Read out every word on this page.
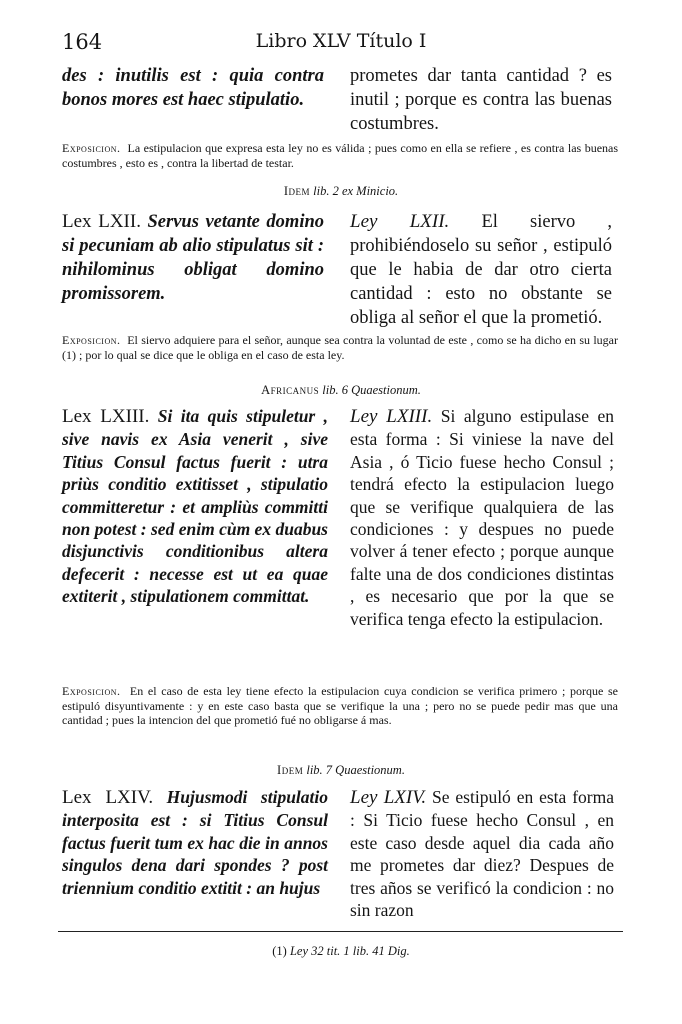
164	Libro XLV Título I

des : inutilis est : quia contra bonos mores est haec stipulatio.

prometes dar tanta cantidad ? es inutil ; porque es contra las buenas costumbres.

Exposicion. La estipulacion que expresa esta ley no es válida ; pues como en ella se refiere , es contra las buenas costumbres , esto es , contra la libertad de testar.

Idem lib. 2 ex Minicio.

Lex LXII. Servus vetante domino si pecuniam ab alio stipulatus sit : nihilominus obligat domino promissorem.

Ley LXII. El siervo , prohibiéndoselo su señor , estipuló que le habia de dar otro cierta cantidad : esto no obstante se obliga al señor el que la prometió.

Exposicion. El siervo adquiere para el señor, aunque sea contra la voluntad de este , como se ha dicho en su lugar (1) ; por lo qual se dice que le obliga en el caso de esta ley.

Africanus lib. 6 Quaestionum.

Lex LXIII. Si ita quis stipuletur , sive navis ex Asia venerit , sive Titius Consul factus fuerit : utra priùs conditio extitisset , stipulatio committeretur : et ampliùs committi non potest : sed enim cùm ex duabus disjunctivis conditionibus altera defecerit : necesse est ut ea quae extiterit , stipulationem committat.

Ley LXIII. Si alguno estipulase en esta forma : Si viniese la nave del Asia , ó Ticio fuese hecho Consul ; tendrá efecto la estipulacion luego que se verifique qualquiera de las condiciones : y despues no puede volver á tener efecto ; porque aunque falte una de dos condiciones distintas , es necesario que por la que se verifica tenga efecto la estipulacion.

Exposicion. En el caso de esta ley tiene efecto la estipulacion cuya condicion se verifica primero ; porque se estipuló disyuntivamente : y en este caso basta que se verifique la una ; pero no se puede pedir mas que una cantidad ; pues la intencion del que prometió fué no obligarse á mas.

Idem lib. 7 Quaestionum.

Lex LXIV. Hujusmodi stipulatio interposita est : si Titius Consul factus fuerit tum ex hac die in annos singulos dena dari spondes ? post triennium conditio extitit : an hujus

Ley LXIV. Se estipuló en esta forma : Si Ticio fuese hecho Consul , en este caso desde aquel dia cada año me prometes dar diez? Despues de tres años se verificó la condicion : no sin razon

(1) Ley 32 tit. 1 lib. 41 Dig.
